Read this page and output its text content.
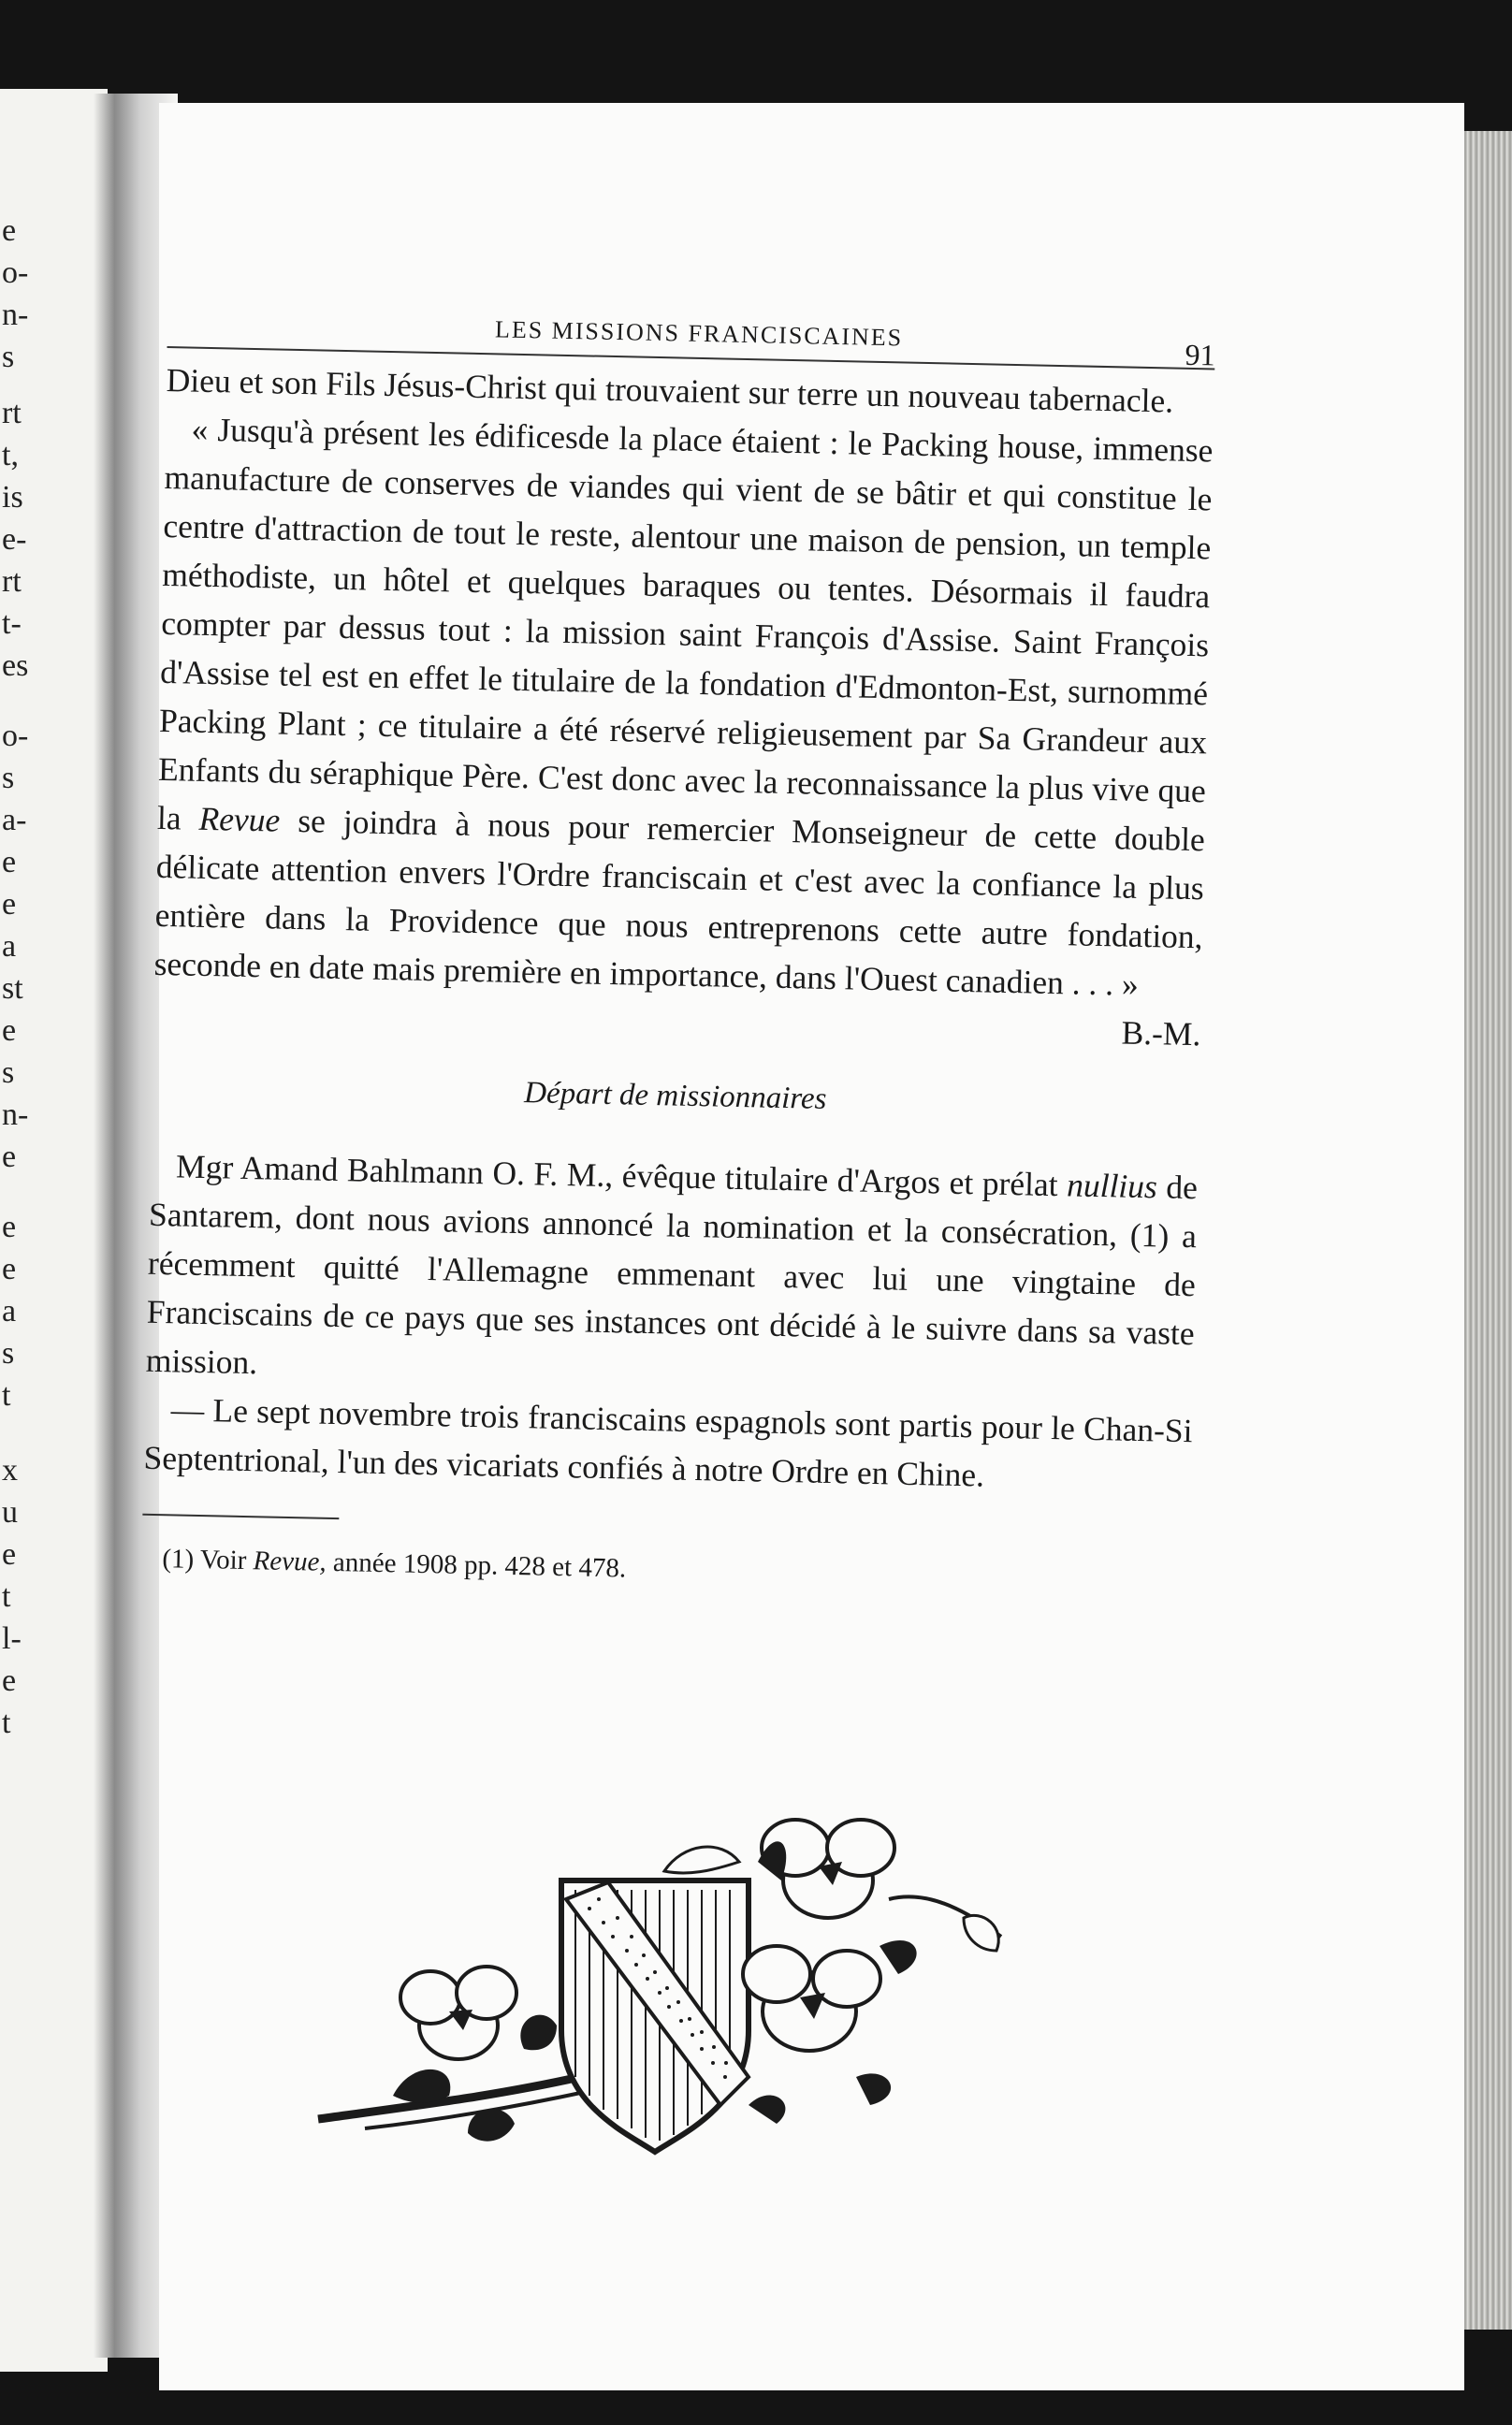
e
o-
n-
s
rt
t,
is
e-
rt
t-
es
o-
s
a-
e
e
a
st
e
s
n-
e
e
e
a
s
t
x
u
e
t
l-
e
t
LES MISSIONS FRANCISCAINES
91

Dieu et son Fils Jésus-Christ qui trouvaient sur terre un nouveau tabernacle.

« Jusqu'à présent les édificesde la place étaient : le Packing house, immense manufacture de conserves de viandes qui vient de se bâtir et qui constitue le centre d'attraction de tout le reste, alentour une maison de pension, un temple méthodiste, un hôtel et quelques baraques ou tentes. Désormais il faudra compter par dessus tout : la mission saint François d'Assise. Saint François d'Assise tel est en effet le titulaire de la fondation d'Edmonton-Est, surnommé Packing Plant ; ce titulaire a été réservé religieusement par Sa Grandeur aux Enfants du séraphique Père. C'est donc avec la reconnaissance la plus vive que la Revue se joindra à nous pour remercier Monseigneur de cette double délicate attention envers l'Ordre franciscain et c'est avec la confiance la plus entière dans la Providence que nous entreprenons cette autre fondation, seconde en date mais première en importance, dans l'Ouest canadien . . . »

B.-M.
Départ de missionnaires

Mgr Amand Bahlmann O. F. M., évêque titulaire d'Argos et prélat nullius de Santarem, dont nous avions annoncé la nomination et la consécration, (1) a récemment quitté l'Allemagne emmenant avec lui une vingtaine de Franciscains de ce pays que ses instances ont décidé à le suivre dans sa vaste mission.

— Le sept novembre trois franciscains espagnols sont partis pour le Chan-Si Septentrional, l'un des vicariats confiés à notre Ordre en Chine.

(1) Voir Revue, année 1908 pp. 428 et 478.
